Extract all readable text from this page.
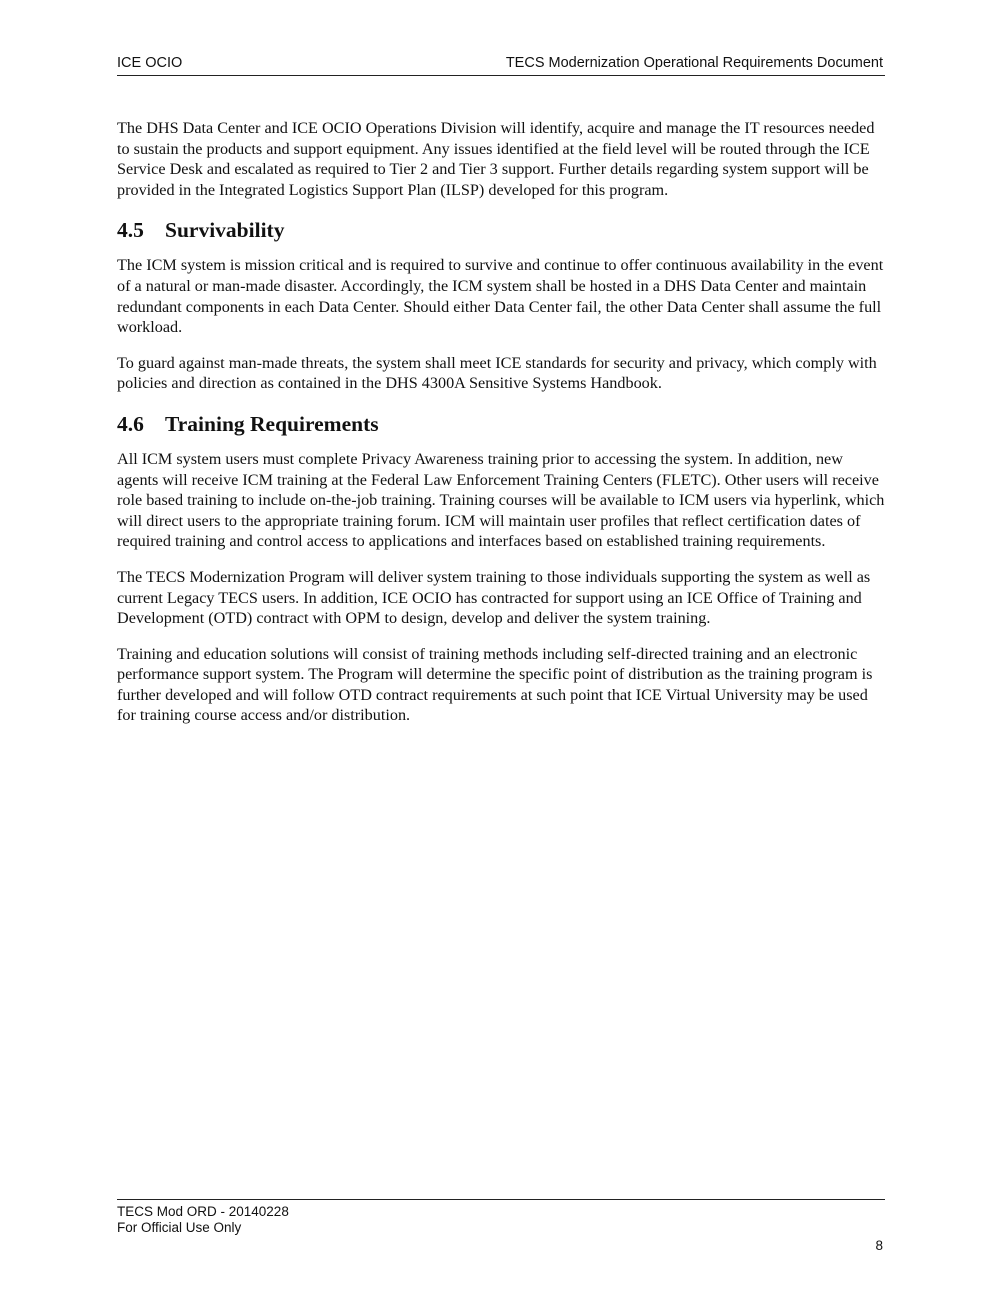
ICE OCIO	TECS Modernization Operational Requirements Document

The DHS Data Center and ICE OCIO Operations Division will identify, acquire and manage the IT resources needed to sustain the products and support equipment. Any issues identified at the field level will be routed through the ICE Service Desk and escalated as required to Tier 2 and Tier 3 support. Further details regarding system support will be provided in the Integrated Logistics Support Plan (ILSP) developed for this program.

4.5 Survivability

The ICM system is mission critical and is required to survive and continue to offer continuous availability in the event of a natural or man-made disaster. Accordingly, the ICM system shall be hosted in a DHS Data Center and maintain redundant components in each Data Center. Should either Data Center fail, the other Data Center shall assume the full workload.

To guard against man-made threats, the system shall meet ICE standards for security and privacy, which comply with policies and direction as contained in the DHS 4300A Sensitive Systems Handbook.

4.6 Training Requirements

All ICM system users must complete Privacy Awareness training prior to accessing the system. In addition, new agents will receive ICM training at the Federal Law Enforcement Training Centers (FLETC). Other users will receive role based training to include on-the-job training. Training courses will be available to ICM users via hyperlink, which will direct users to the appropriate training forum. ICM will maintain user profiles that reflect certification dates of required training and control access to applications and interfaces based on established training requirements.

The TECS Modernization Program will deliver system training to those individuals supporting the system as well as current Legacy TECS users. In addition, ICE OCIO has contracted for support using an ICE Office of Training and Development (OTD) contract with OPM to design, develop and deliver the system training.

Training and education solutions will consist of training methods including self-directed training and an electronic performance support system. The Program will determine the specific point of distribution as the training program is further developed and will follow OTD contract requirements at such point that ICE Virtual University may be used for training course access and/or distribution.

TECS Mod ORD - 20140228
For Official Use Only
8
